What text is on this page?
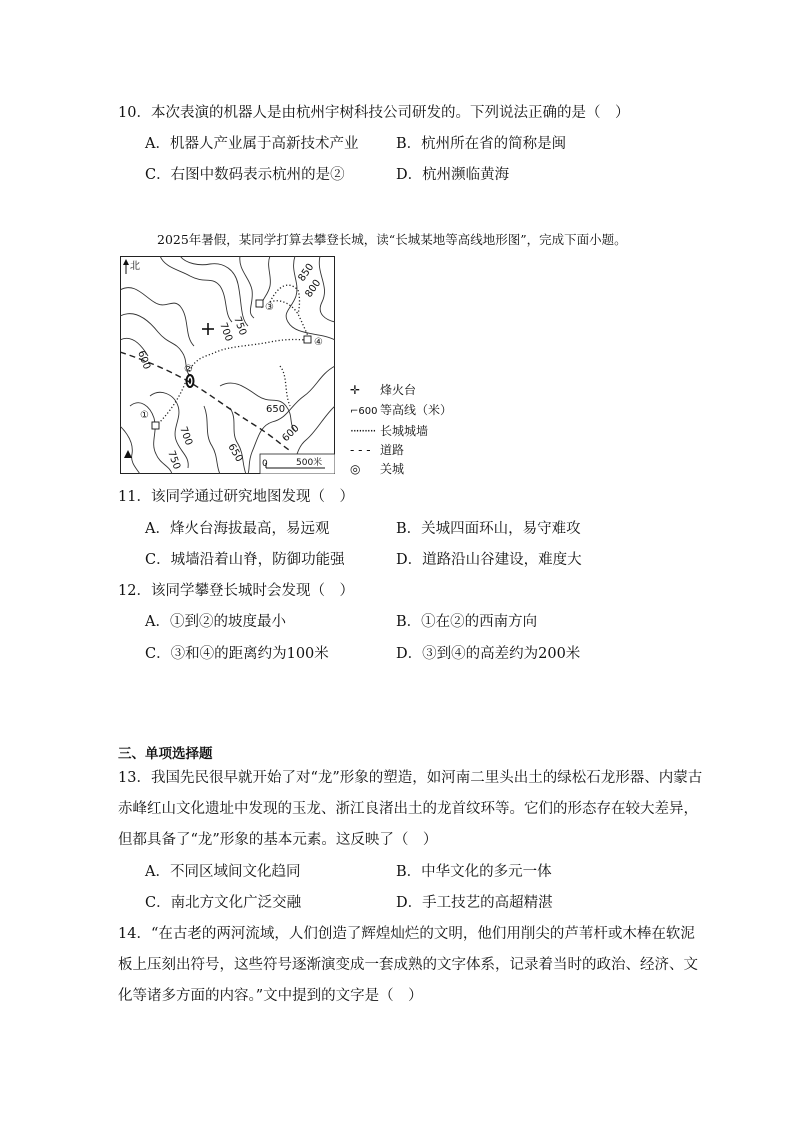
10．本次表演的机器人是由杭州宇树科技公司研发的。下列说法正确的是（　）
A．机器人产业属于高新技术产业	B．杭州所在省的简称是闽
C．右图中数码表示杭州的是②	D．杭州濒临黄海
2025年暑假，某同学打算去攀登长城，读“长城某地等高线地形图”，完成下面小题。
①
②
③
④
850
800
750
700
600
650
700
650
600
750
北
0	500米
✛ 烽火台
⌐600 等高线（米）
········· 长城城墙
- - - 道路
◎ 关城
11．该同学通过研究地图发现（　）
A．烽火台海拔最高，易远观	B．关城四面环山，易守难攻
C．城墙沿着山脊，防御功能强	D．道路沿山谷建设，难度大
12．该同学攀登长城时会发现（　）
A．①到②的坡度最小	B．①在②的西南方向
C．③和④的距离约为100米	D．③到④的高差约为200米
三、单项选择题
13．我国先民很早就开始了对“龙”形象的塑造，如河南二里头出土的绿松石龙形器、内蒙古
赤峰红山文化遗址中发现的玉龙、浙江良渚出土的龙首纹环等。它们的形态存在较大差异，
但都具备了“龙”形象的基本元素。这反映了（　）
A．不同区域间文化趋同	B．中华文化的多元一体
C．南北方文化广泛交融	D．手工技艺的高超精湛
14．“在古老的两河流域，人们创造了辉煌灿烂的文明，他们用削尖的芦苇杆或木棒在软泥
板上压刻出符号，这些符号逐渐演变成一套成熟的文字体系，记录着当时的政治、经济、文
化等诸多方面的内容。”文中提到的文字是（　）
